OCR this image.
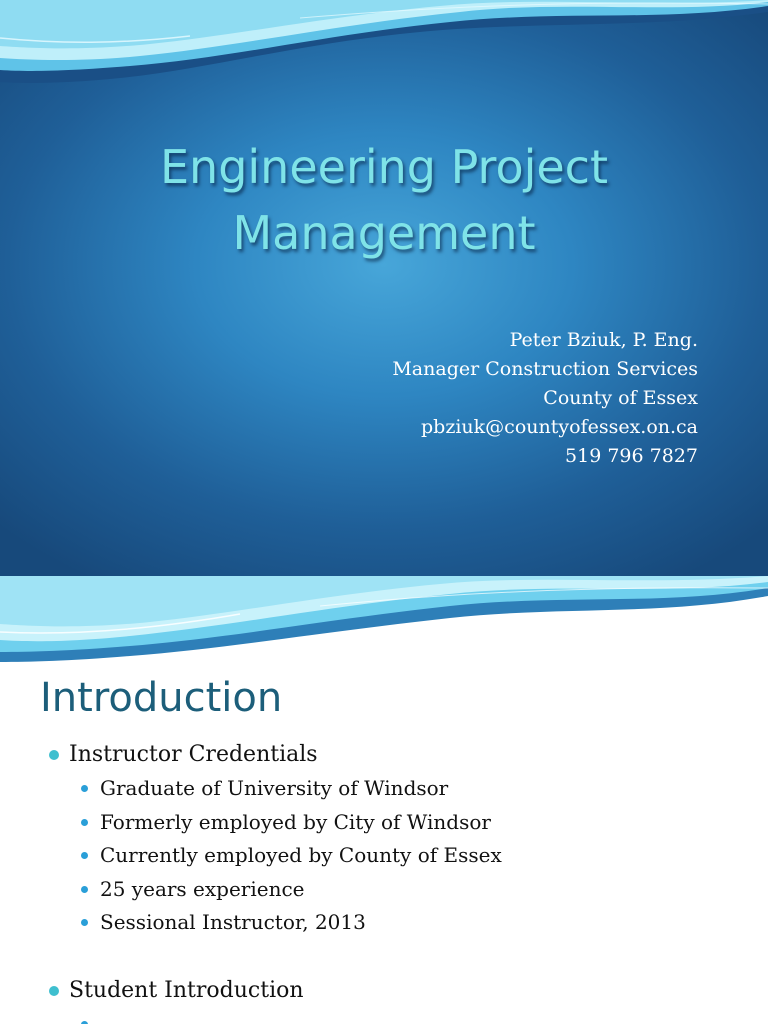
Engineering Project
Management
Peter Bziuk, P. Eng.
Manager Construction Services
County of Essex
pbziuk@countyofessex.on.ca
519 796 7827
Introduction
Instructor Credentials
Graduate of University of Windsor
Formerly employed by City of Windsor
Currently employed by County of Essex
25 years experience
Sessional Instructor, 2013
Student Introduction
